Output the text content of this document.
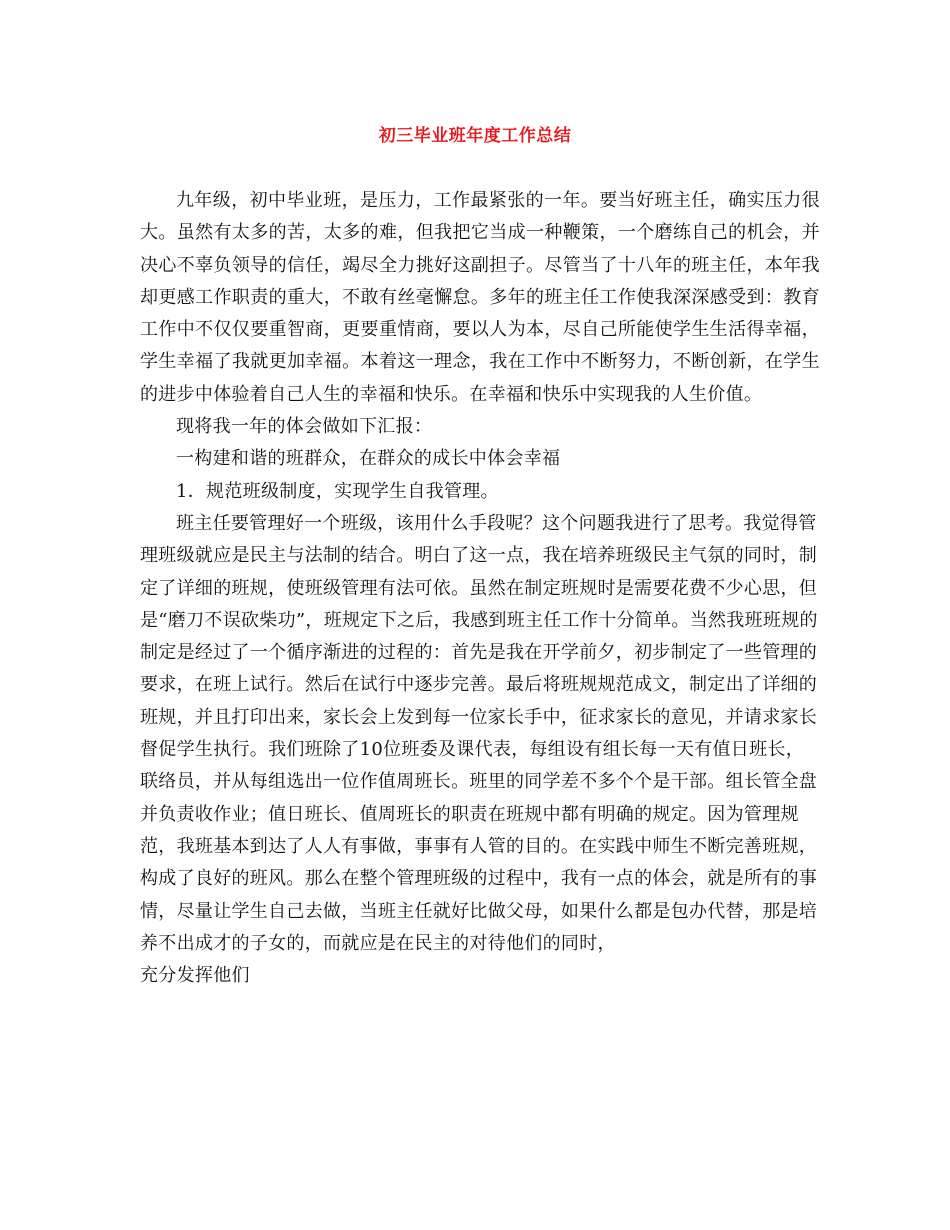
初三毕业班年度工作总结

九年级，初中毕业班，是压力，工作最紧张的一年。要当好班主任，确实压力很大。虽然有太多的苦，太多的难，但我把它当成一种鞭策，一个磨练自己的机会，并决心不辜负领导的信任，竭尽全力挑好这副担子。尽管当了十八年的班主任，本年我却更感工作职责的重大，不敢有丝毫懈怠。多年的班主任工作使我深深感受到：教育工作中不仅仅要重智商，更要重情商，要以人为本，尽自己所能使学生生活得幸福，学生幸福了我就更加幸福。本着这一理念，我在工作中不断努力，不断创新，在学生的进步中体验着自己人生的幸福和快乐。在幸福和快乐中实现我的人生价值。

现将我一年的体会做如下汇报：

一构建和谐的班群众，在群众的成长中体会幸福

1．规范班级制度，实现学生自我管理。

班主任要管理好一个班级，该用什么手段呢？这个问题我进行了思考。我觉得管理班级就应是民主与法制的结合。明白了这一点，我在培养班级民主气氛的同时，制定了详细的班规，使班级管理有法可依。虽然在制定班规时是需要花费不少心思，但是“磨刀不误砍柴功”，班规定下之后，我感到班主任工作十分简单。当然我班班规的制定是经过了一个循序渐进的过程的：首先是我在开学前夕，初步制定了一些管理的要求，在班上试行。然后在试行中逐步完善。最后将班规规范成文，制定出了详细的班规，并且打印出来，家长会上发到每一位家长手中，征求家长的意见，并请求家长督促学生执行。我们班除了10位班委及课代表，每组设有组长每一天有值日班长，联络员，并从每组选出一位作值周班长。班里的同学差不多个个是干部。组长管全盘并负责收作业；值日班长、值周班长的职责在班规中都有明确的规定。因为管理规范，我班基本到达了人人有事做，事事有人管的目的。在实践中师生不断完善班规，构成了良好的班风。那么在整个管理班级的过程中，我有一点的体会，就是所有的事情，尽量让学生自己去做，当班主任就好比做父母，如果什么都是包办代替，那是培养不出成才的子女的，而就应是在民主的对待他们的同时，

充分发挥他们
